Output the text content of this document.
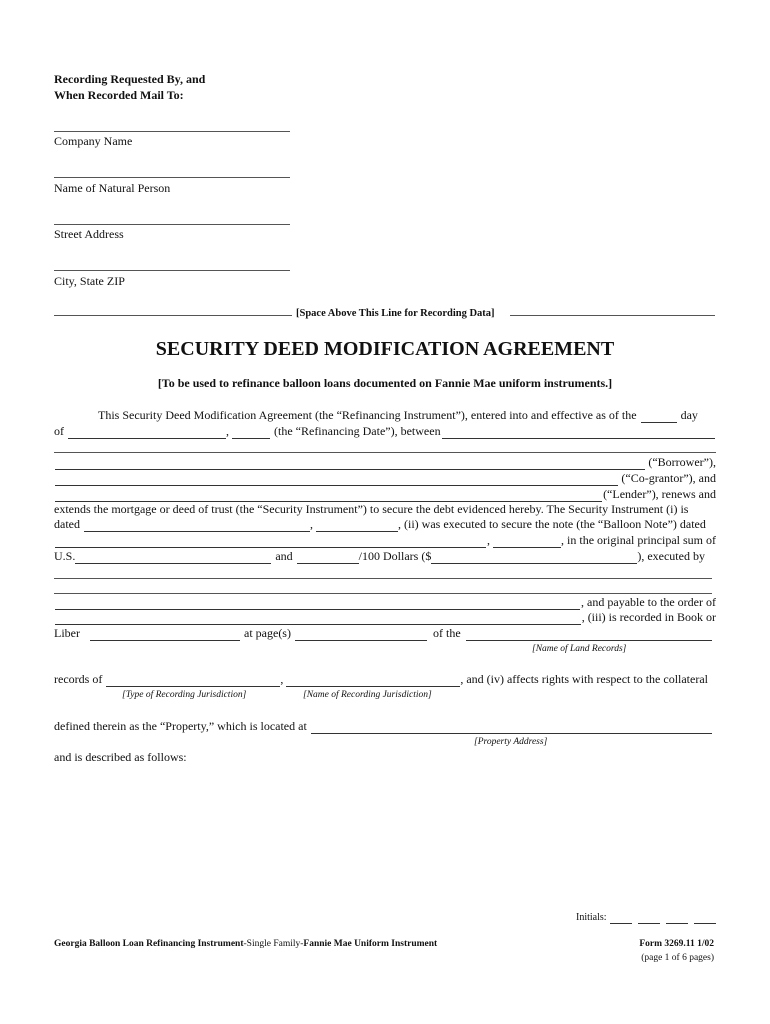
Recording Requested By, and
When Recorded Mail To:
Company Name
Name of Natural Person
Street Address
City, State ZIP
[Space Above This Line for Recording Data]
SECURITY DEED MODIFICATION AGREEMENT
[To be used to refinance balloon loans documented on Fannie Mae uniform instruments.]
This Security Deed Modification Agreement (the “Refinancing Instrument”), entered into and effective as of the	day
of	,	(the “Refinancing Date”), between
(“Borrower”),
(“Co-grantor”), and
(“Lender”), renews and
extends the mortgage or deed of trust (the “Security Instrument”) to secure the debt evidenced hereby. The Security Instrument (i) is
dated	,	, (ii) was executed to secure the note (the “Balloon Note”) dated
,	, in the original principal sum of
U.S.	and	/100 Dollars ($	), executed by
, and payable to the order of
, (iii) is recorded in Book or
Liber	at page(s)	of the
[Name of Land Records]
records of	,	, and (iv) affects rights with respect to the collateral
[Type of Recording Jurisdiction]	[Name of Recording Jurisdiction]
defined therein as the “Property,” which is located at
[Property Address]
and is described as follows:
Initials:
Georgia Balloon Loan Refinancing Instrument-Single Family-Fannie Mae Uniform Instrument	Form 3269.11 1/02
(page 1 of 6 pages)
